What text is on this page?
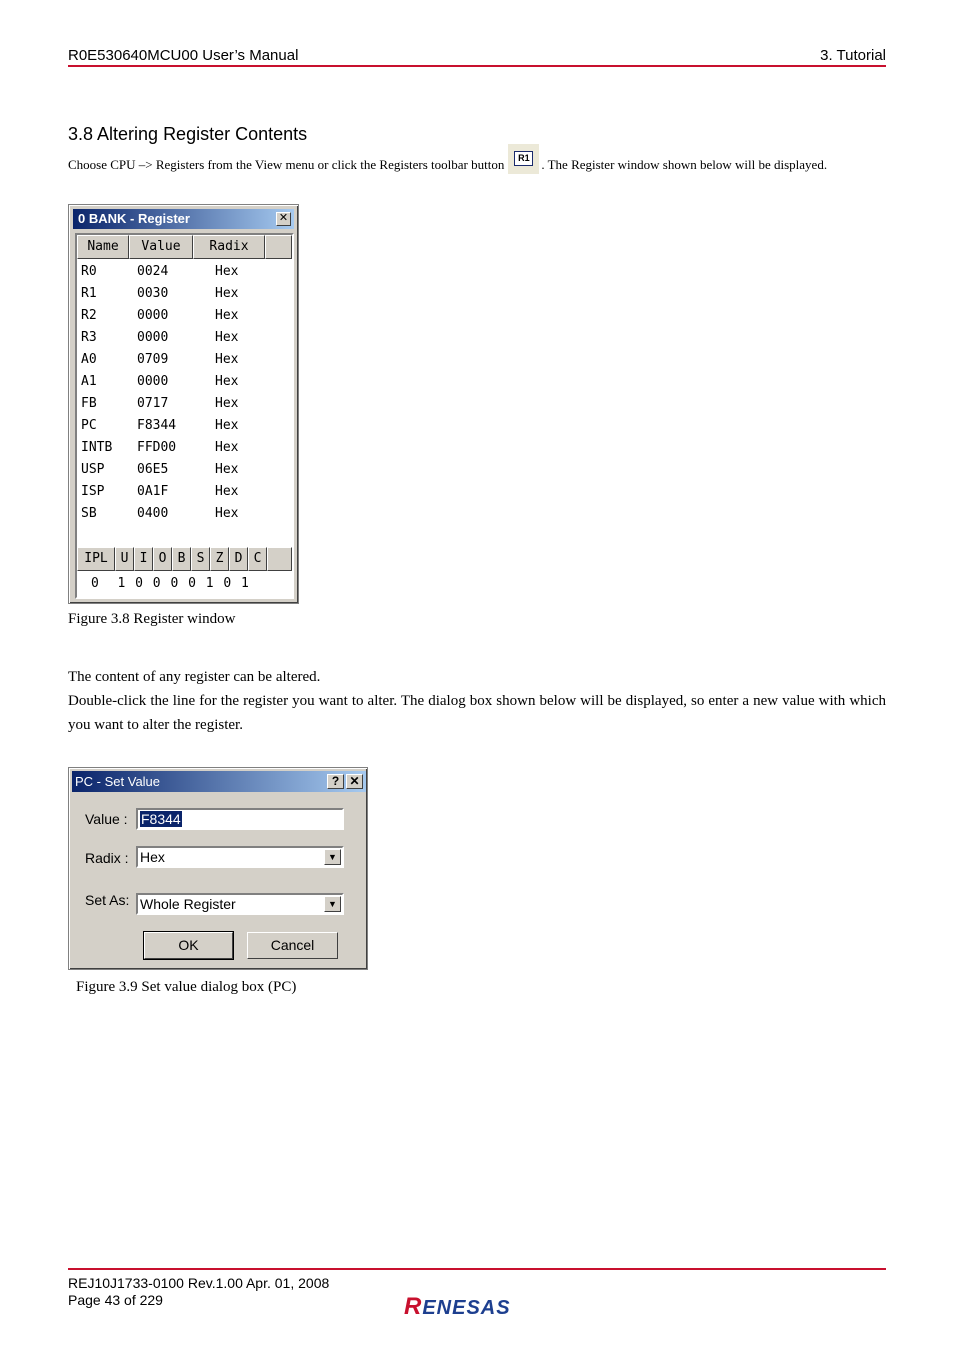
R0E530640MCU00 User’s Manual	3. Tutorial
3.8 Altering Register Contents
Choose CPU –> Registers from the View menu or click the Registers toolbar button	R1 . The Register window shown below will be displayed.
0 BANK - Register	✕
Name	Value	Radix
R0	0024	Hex
R1	0030	Hex
R2	0000	Hex
R3	0000	Hex
A0	0709	Hex
A1	0000	Hex
FB	0717	Hex
PC	F8344	Hex
INTB FFD00	Hex
USP	06E5	Hex
ISP	0A1F	Hex
SB	0400	Hex
IPL U I O B S Z D C
0  1 0 0 0 0 1 0 1
Figure 3.8 Register window
The content of any register can be altered.
Double-click the line for the register you want to alter. The dialog box shown below will be displayed, so enter a new value with which you want to alter the register.
PC - Set Value	? ✕
Value : F8344
Radix : Hex	▼
Set As: Whole Register	▼
OK	Cancel
Figure 3.9 Set value dialog box (PC)
REJ10J1733-0100 Rev.1.00 Apr. 01, 2008
Page 43 of 229	RENESAS
